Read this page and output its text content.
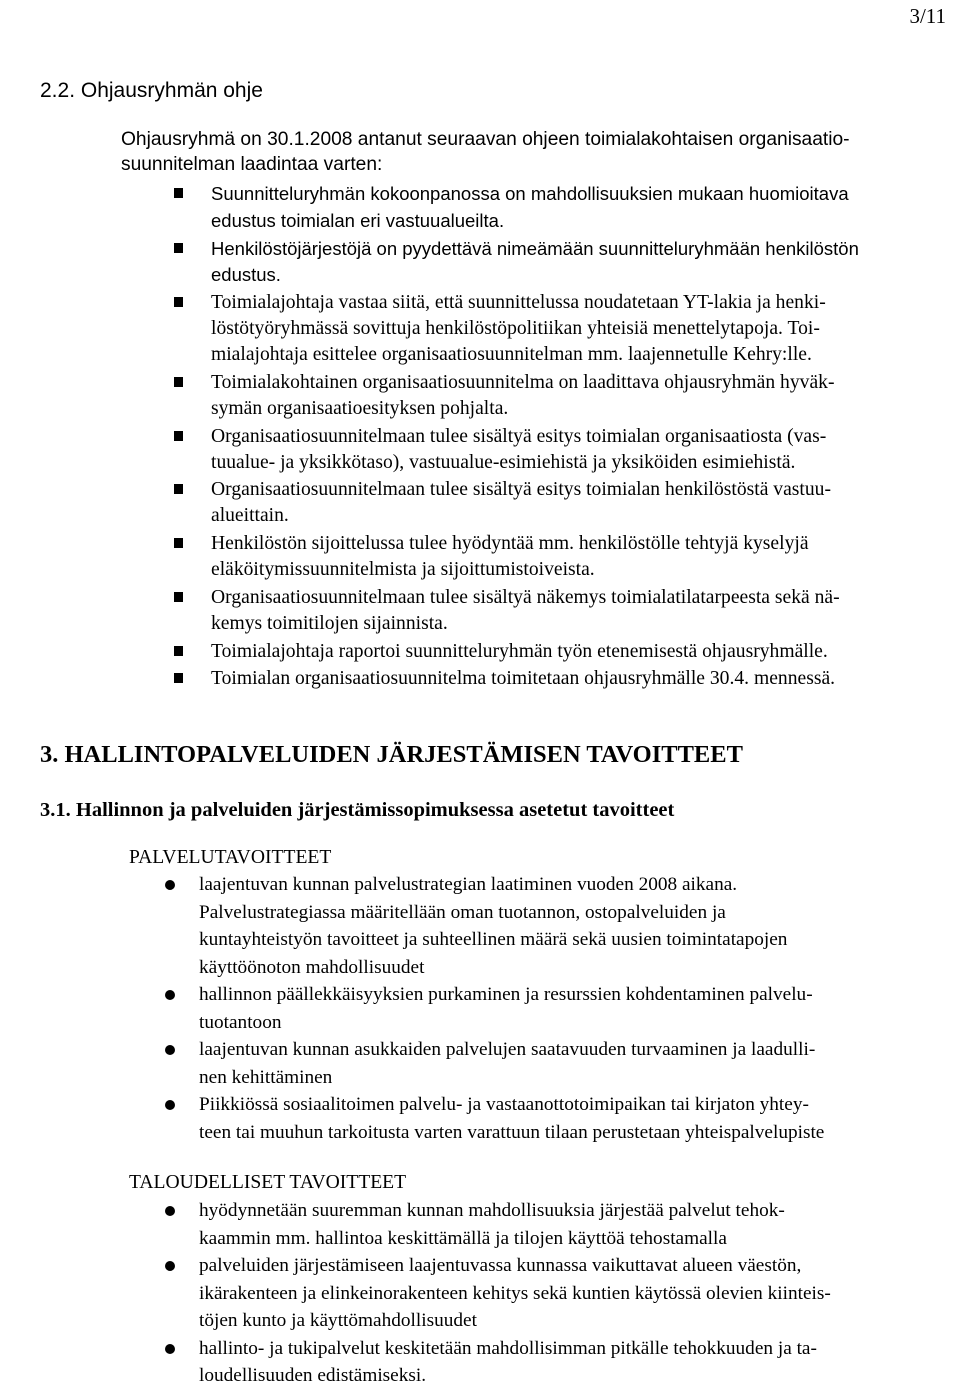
3/11
2.2. Ohjausryhmän ohje
Ohjausryhmä on 30.1.2008 antanut seuraavan ohjeen toimialakohtaisen organisaatio-
suunnitelman laadintaa varten:
Suunnitteluryhmän kokoonpanossa on mahdollisuuksien mukaan huomioitava
edustus toimialan eri vastuualueilta.
Henkilöstöjärjestöjä on pyydettävä nimeämään suunnitteluryhmään henkilöstön
edustus.
Toimialajohtaja vastaa siitä, että suunnittelussa noudatetaan YT-lakia ja henki-
löstötyöryhmässä sovittuja henkilöstöpolitiikan yhteisiä menettelytapoja. Toi-
mialajohtaja esittelee organisaatiosuunnitelman mm. laajennetulle Kehry:lle.
Toimialakohtainen organisaatiosuunnitelma on laadittava ohjausryhmän hyväk-
symän organisaatioesityksen pohjalta.
Organisaatiosuunnitelmaan tulee sisältyä esitys toimialan organisaatiosta (vas-
tuualue- ja yksikkötaso), vastuualue-esimiehistä ja yksiköiden esimiehistä.
Organisaatiosuunnitelmaan tulee sisältyä esitys toimialan henkilöstöstä vastuu-
alueittain.
Henkilöstön sijoittelussa tulee hyödyntää mm. henkilöstölle tehtyjä kyselyjä
eläköitymissuunnitelmista ja sijoittumistoiveista.
Organisaatiosuunnitelmaan tulee sisältyä näkemys toimialatilatarpeesta sekä nä-
kemys toimitilojen sijainnista.
Toimialajohtaja raportoi suunnitteluryhmän työn etenemisestä ohjausryhmälle.
Toimialan organisaatiosuunnitelma toimitetaan ohjausryhmälle 30.4. mennessä.
3. HALLINTOPALVELUIDEN JÄRJESTÄMISEN TAVOITTEET
3.1. Hallinnon ja palveluiden järjestämissopimuksessa asetetut tavoitteet
PALVELUTAVOITTEET
laajentuvan kunnan palvelustrategian laatiminen vuoden 2008 aikana.
Palvelustrategiassa määritellään oman tuotannon, ostopalveluiden ja
kuntayhteistyön tavoitteet ja suhteellinen määrä sekä uusien toimintatapojen
käyttöönoton mahdollisuudet
hallinnon päällekkäisyyksien purkaminen ja resurssien kohdentaminen palvelu-
tuotantoon
laajentuvan kunnan asukkaiden palvelujen saatavuuden turvaaminen ja laadulli-
nen kehittäminen
Piikkiössä sosiaalitoimen palvelu- ja vastaanottotoimipaikan tai kirjaton yhtey-
teen tai muuhun tarkoitusta varten varattuun tilaan perustetaan yhteispalvelupiste
TALOUDELLISET TAVOITTEET
hyödynnetään suuremman kunnan mahdollisuuksia järjestää palvelut tehok-
kaammin mm. hallintoa keskittämällä ja tilojen käyttöä tehostamalla
palveluiden järjestämiseen laajentuvassa kunnassa vaikuttavat alueen väestön,
ikärakenteen ja elinkeinorakenteen kehitys sekä kuntien käytössä olevien kiinteis-
töjen kunto ja käyttömahdollisuudet
hallinto- ja tukipalvelut keskitetään mahdollisimman pitkälle tehokkuuden ja ta-
loudellisuuden edistämiseksi.
